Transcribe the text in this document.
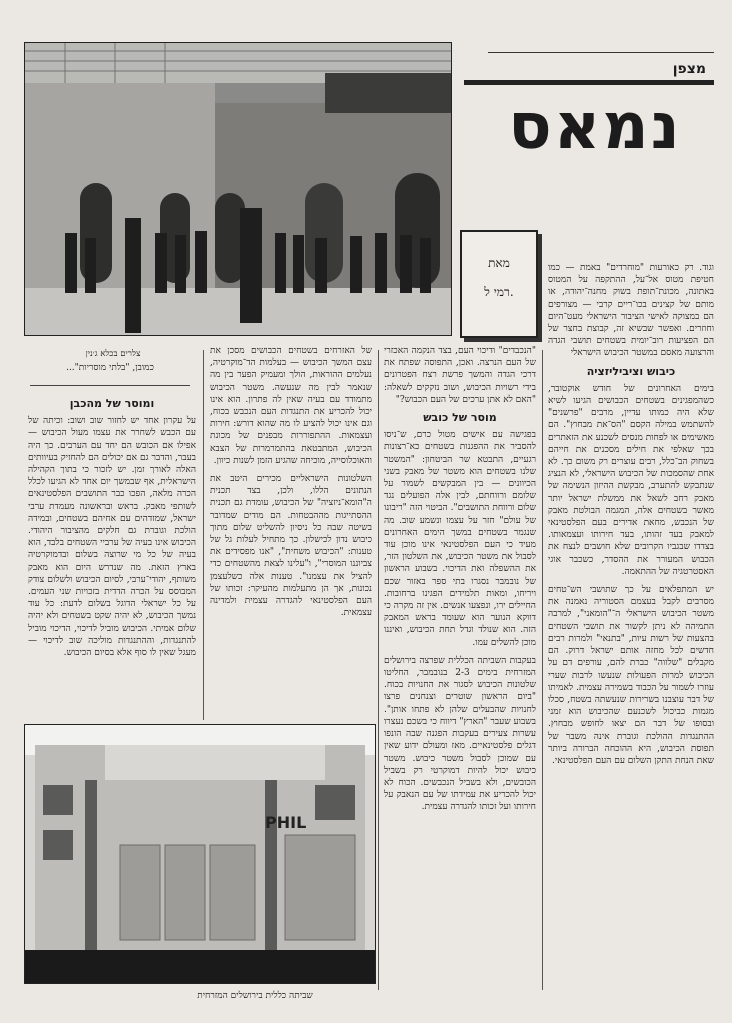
צלרים בכלא ג׳נין
מצפן
נמאס
מאת
רמי ל.

וגוד. רק כאורעות "מוחרדים" באמת — כמו חטיפת מטוס אל־על, ההתקפה על המטוס באתונה, מכונת־תופת בשוק מחנה־יהודה, או מותם של קצינים בכו־ריים קרבי — מצורפים הם במצוקה לאישי הציבור הישראלי מעט־היום וחוזרים. ואפשר שבשיא זה, קבוצת בחצר של הם הפציעות רוב־יומית בשטחים תושבי הגדה והרצועה מאסם במשטר הכיבוש הישראלי

כיבוש וציביליזציה

בימים האחרונים של חודש אוקטובר, כשהמפגינים בשטחים הכבושים הגיעו לשיא שלא היה כמותו עדיין, מרבים "פרשנים" להשתמש במילה הקסם "הס־את מבחוץ". הם מאשימים או לפחות מנסים לשכנע את הזאתרים בכך שאלפי את חילים מסכנים את חייהם בשחוק הב־כלל, רבים עוצרים רק משום כך. לא אחת שהסמכות של הכיבוש הישראלי, לא הנציג שנתבקש להתערב, מבקשת ההיזון הנשימה של מאבק רחב לשאל את ממשלת ישראל יותר מאשר בשטחים אלה, המגמה הבולטת מאבק של הנכבש, מחאת אדירים בעם הפלסטינאי למאבק בעד זהותו, בעד חירותו ועצמאותו. בצדדו שבגביו הקרובים שלא חושבים לנצח את הכבוש המעורר את ההסדר, כשכבר אוגי האסטרטגיה של ההתאמה.

יש המתפלאים על כך שתושבי הש־טחים מסרבים לקבל בעצמם הסטוריה נאמנה את משטר הכיבוש הישראלי ה־"הומאני", למרבה התמיהה לא ניתן לקשור את תושבי השטחים בהצעות של רשות עיות, "בתנאי" ולמרות רבים חדשים לכל מחזה אותם ישראל דרוק. הם מקבלים "שלווה" כברת להם, עורפים דם על הכיבוש למרות הפעולות שנעשו לרבות שערי עוזרו לשמור על הכבוד בשמירה עצמית. לאמיתו של דבר עוצבנו בשרירות שנעשתה בשטח, סכלו מגמות כביכול לשכנעם שהכיבוש הוא זמני ובסופו של דבר הם יצאו לחופש מבחוץ. ההתנגדות ההולכת וגוברת אינה משבר של תפוסת הכיבוש, היא ההוכחה הברורה ביותר שאת הנחת התקן השלום עם העם הפלסטינאי.

"הנכבדים" ודיכוי העם, בצד הנקמה האכזרי של העם הנרצה. ואכן, התפוסה שפתח את דרכי הגדה והמשך פרשת רצח הפטרונים בידי רשויות הכיבוש, ושוב נזקקים לשאלה: "האם לא אתן ערכים של העם הכבוש?"

מוסר של כובש

בפגישה עם אישים מטול כרם, ש־ניסו להסביר את ההפגנות בשטחים כא־רצונות רגעיים, התבטא שר הביטחון: "המשטר שלנו בשטחים הוא משטר של מאבק בשני הכיוונים — בין המבקשים לשמור על שלומם ורווחתם, לבין אלה הפועלים נגד שלום ורווחת התושבים". הביטוי הזה "ריבונו של עולם" חזר על עצמו ונשמע שוב. מה שנגמר בשטחים במשך הימים האחרונים מעיד כי העם הפלסטינאי אינו מוכן עוד לסבול את משטר הכיבוש, את השלטון הזר, את ההשפלה ואת הדיכוי. בשבוע הראשון של נובמבר נסגרו בתי ספר באזור שכם ויריחו, ומאות תלמידים הפגינו ברחובות. החיילים ירו, ונפצעו אנשים. אין זה מקרה כי דווקא הנוער הוא שעומד בראש המאבק הזה. הוא שנולד וגדל תחת הכיבוש, ואיננו מוכן להשלים עמו.

בעקבות השביתה הכללית שפרצה בירושלים המזרחית בימים 2-3 בנובמבר, החליטו שלטונות הכיבוש לסגור את החנויות בכוח. "ביום הראשון שוטרים וצנחנים פרצו לחנויות שהבעלים שלהן לא פתחו אותן". בשבוע שעבר "הארץ" דיווח כי בשכם נעצרו עשרות צעירים בעקבות הפגנה שבה הונפו דגלים פלסטינאיים. מאז ומעולם ידוע שאין עם שמוכן לסבול משטר כיבוש. משטר כיבוש יכול להיות דמוקרטי רק בשביל הכובשים, ולא בשביל הנכבשים. הכוח לא יכול להכריע את עמידתו של עם הנאבק על חירותו ועל זכותו להגדרה עצמית.

של האזרחים בשטחים הכבושים מסכן את עצם המשך הכיבוש — בעלמות הד־מוקרטיה, נעלמים ההוראות, הולך ומעמיק הפער בין מה שנאמר לבין מה שנעשה. משטר הכיבוש מתמודד עם בעיה שאין לה פתרון. הוא אינו יכול להכריע את התנגדות העם הנכבש בכוח, וגם אינו יכול להציע לו מה שהוא דורש: חירות ועצמאות. ההתפוררות מבפנים של מכונת הכיבוש, המתבטאת בהתמרמרות של הצבא והאוכלוסייה, מוכיחה שהגיע הזמן לשנות כיוון.

השלטונות הישראליים מכירים היטב את הנתונים הללו, ולכן, בצד תכנית ה"הומא־ניזציה" של הכיבוש, עומדת גם תכנית ההסתייגות מההבטחות. הם מודים שמדובר בשיטה שבה כל ניסיון להשליט שלום מתוך כיבוש נדון לכישלון. כך מתחיל לעלות גל של טענות: "הכיבוש משחית", "אנו מפסידים את צביוננו המוסרי", ו"עלינו לצאת מהשטחים כדי להציל את עצמנו". טענות אלה כשלעצמן נכונות, אך הן מתעלמות מהעיקר: זכותו של העם הפלסטינאי להגדרה עצמית ולמדינה עצמאית.

כמובן, "בלתי מוסריות"...
ומוסר של מהכבן

על עקרון אחד יש לחזור שוב ושוב: וכיתה של עם הכבש לשחרר את עצמו מעול הכיבוש — אפילו אם הכובש הם יחד עם הערבים. כך היה בעבר, והדבר גם אם יכולים הם להחזיק בעיוותים האלה לאורך זמן. יש לזכור כי בתוך הקהילה הישראלית, אף שבמשך יום אחד לא הגיעו לכלל הכרה מלאה, הפכו כבר התושבים הפלסטינאים לשותפי מאבק. בראש ובראשונה מעמדת ערבי ישראל, שמזדהים עם אחיהם בשטחים, ובמידה הולכת וגוברת גם חלקים מהציבור היהודי. הכיבוש אינו בעיה של ערביי השטחים בלבד, הוא בעיה של כל מי שרוצה בשלום ובדמוקרטיה בארץ הזאת. מה שנדרש היום הוא מאבק משותף, יהודי־ערבי, לסיום הכיבוש ולשלום צודק המבוסס על הכרה הדדית בזכויות שני העמים. על כל ישראלי הדוגל בשלום לדעת: כל עוד נמשך הכיבוש, לא יהיה שקט בשטחים ולא יהיה שלום אמיתי. הכיבוש מוביל לדיכוי, הדיכוי מוביל להתנגדות, וההתנגדות מוליכה שוב לדיכוי — מעגל שאין לו סוף אלא בסיום הכיבוש.

PHIL
שביתה כללית בירושלים המזרחית
